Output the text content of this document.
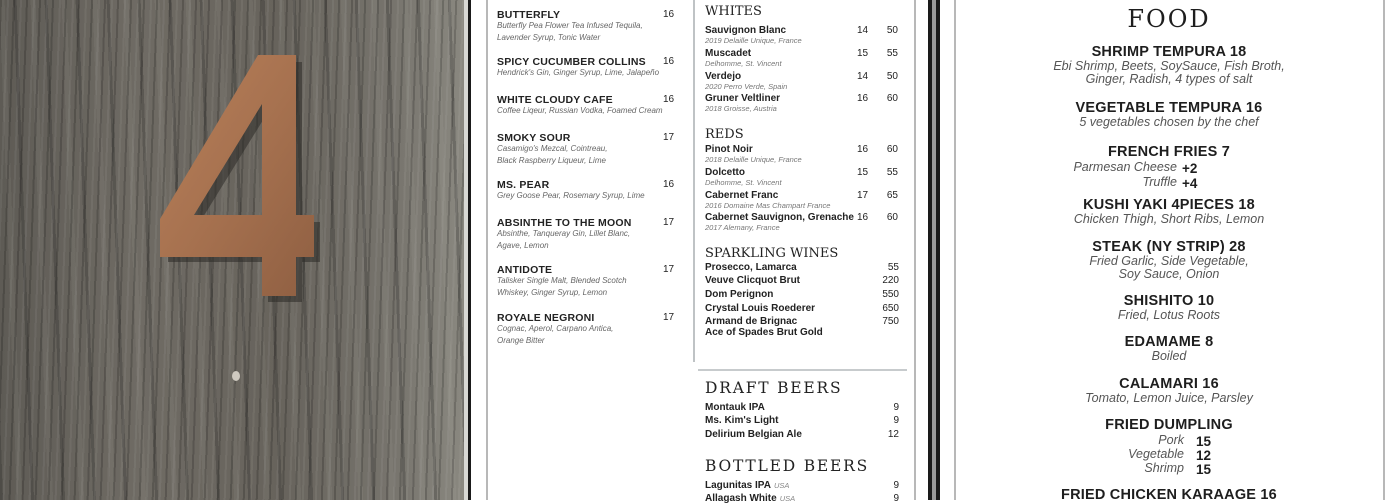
BUTTERFLY	16
Butterfly Pea Flower Tea Infused Tequila,
Lavender Syrup, Tonic Water
SPICY CUCUMBER COLLINS 16
Hendrick's Gin, Ginger Syrup, Lime, Jalapeño
WHITE CLOUDY CAFE	16
Coffee Liqeur, Russian Vodka, Foamed Cream
SMOKY SOUR	17
Casamigo's Mezcal, Cointreau,
Black Raspberry Liqueur, Lime
MS. PEAR	16
Grey Goose Pear, Rosemary Syrup, Lime
ABSINTHE TO THE MOON	17
Absinthe, Tanqueray Gin, Lillet Blanc,
Agave, Lemon
ANTIDOTE	17
Talisker Single Malt, Blended Scotch
Whiskey, Ginger Syrup, Lemon
ROYALE NEGRONI	17
Cognac, Aperol, Carpano Antica,
Orange Bitter
WHITES
Sauvignon Blanc	14	50
2019 Delaille Unique, France
Muscadet	15	55
Delhomme, St. Vincent
Verdejo	14	50
2020 Perro Verde, Spain
Gruner Veltliner	16	60
2018 Groisse, Austria
REDS
Pinot Noir	16	60
2018 Delaille Unique, France
Dolcetto	15	55
Delhomme, St. Vincent
Cabernet Franc	17	65
2016 Domaine Mas Champart France
Cabernet Sauvignon, Grenache 16	60
2017 Alemany, France
SPARKLING WINES
Prosecco, Lamarca	55
Veuve Clicquot Brut	220
Dom Perignon	550
Crystal Louis Roederer	650
Armand de Brignac	750
Ace of Spades Brut Gold
DRAFT BEERS
Montauk IPA	9
Ms. Kim's Light	9
Delirium Belgian Ale	12
BOTTLED BEERS
Lagunitas IPA USA	9
Allagash White USA	9
FOOD
SHRIMP TEMPURA 18
Ebi Shrimp, Beets, SoySauce, Fish Broth,
Ginger, Radish, 4 types of salt
VEGETABLE TEMPURA 16
5 vegetables chosen by the chef
FRENCH FRIES 7
Parmesan Cheese +2
Truffle +4
KUSHI YAKI 4PIECES 18
Chicken Thigh, Short Ribs, Lemon
STEAK (NY STRIP) 28
Fried Garlic, Side Vegetable,
Soy Sauce, Onion
SHISHITO 10
Fried, Lotus Roots
EDAMAME 8
Boiled
CALAMARI 16
Tomato, Lemon Juice, Parsley
FRIED DUMPLING
Pork 15
Vegetable 12
Shrimp 15
FRIED CHICKEN KARAAGE 16
